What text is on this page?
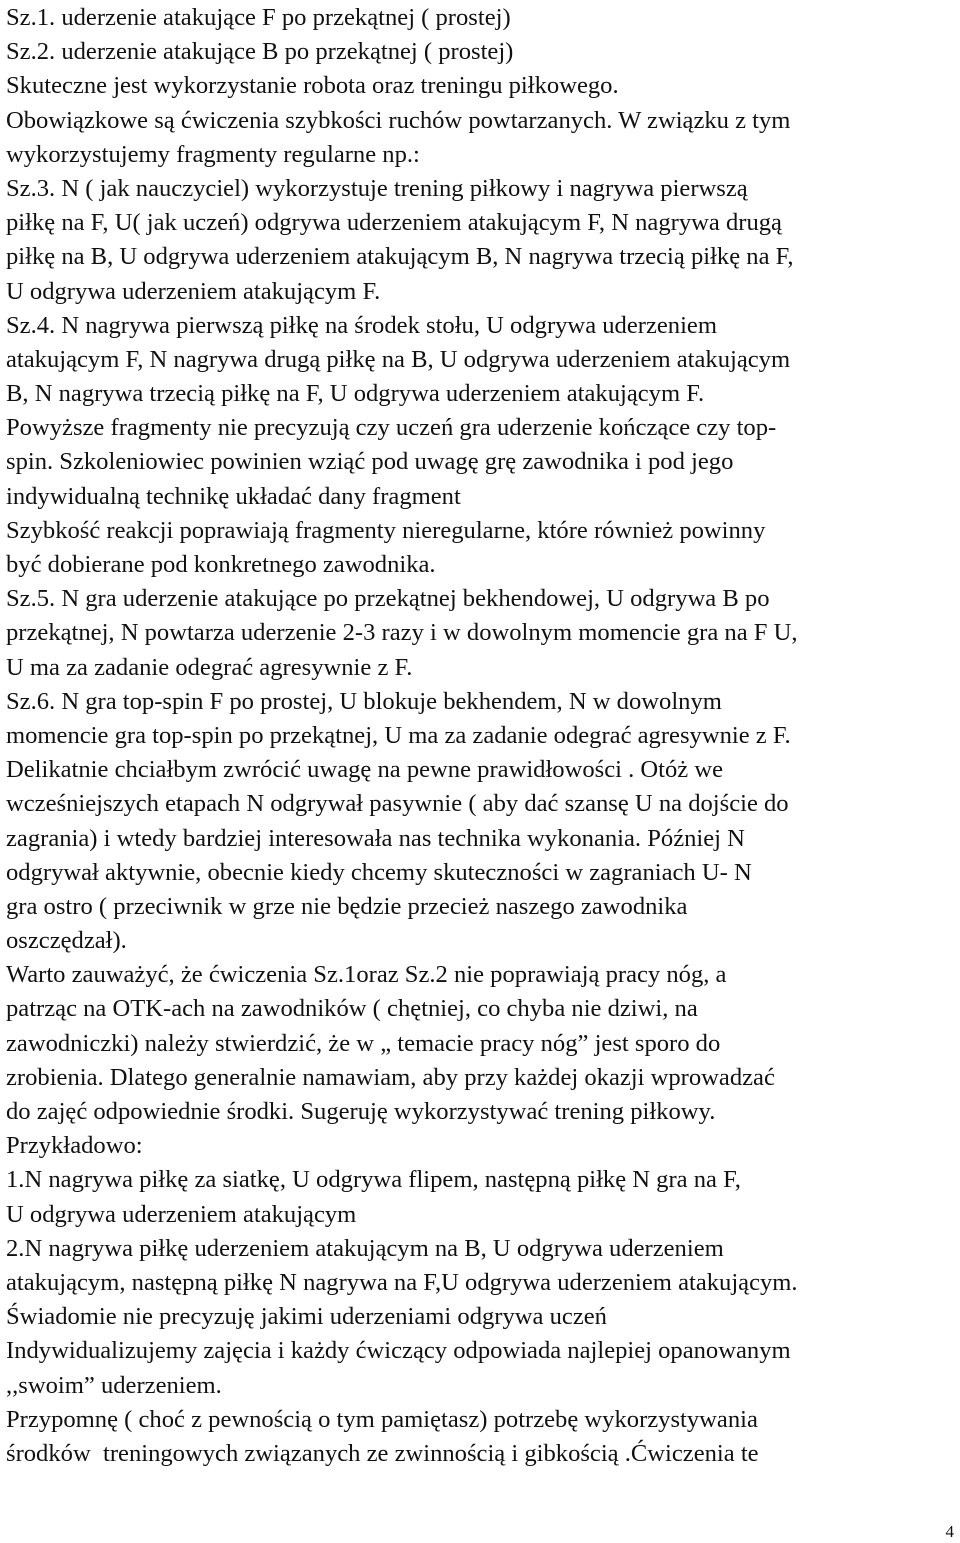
Sz.1. uderzenie atakujące F po przekątnej ( prostej)
Sz.2. uderzenie atakujące B po przekątnej ( prostej)
Skuteczne jest wykorzystanie robota oraz treningu piłkowego.
Obowiązkowe są ćwiczenia szybkości ruchów powtarzanych. W związku z tym
wykorzystujemy fragmenty regularne np.:
Sz.3. N ( jak nauczyciel) wykorzystuje trening piłkowy i nagrywa pierwszą
piłkę na F, U( jak uczeń) odgrywa uderzeniem atakującym F, N nagrywa drugą
piłkę na B, U odgrywa uderzeniem atakującym B, N nagrywa trzecią piłkę na F,
U odgrywa uderzeniem atakującym F.
Sz.4. N nagrywa pierwszą piłkę na środek stołu, U odgrywa uderzeniem
atakującym F, N nagrywa drugą piłkę na B, U odgrywa uderzeniem atakującym
B, N nagrywa trzecią piłkę na F, U odgrywa uderzeniem atakującym F.
Powyższe fragmenty nie precyzują czy uczeń gra uderzenie kończące czy top-
spin. Szkoleniowiec powinien wziąć pod uwagę grę zawodnika i pod jego
indywidualną technikę układać dany fragment
Szybkość reakcji poprawiają fragmenty nieregularne, które również powinny
być dobierane pod konkretnego zawodnika.
Sz.5. N gra uderzenie atakujące po przekątnej bekhendowej, U odgrywa B po
przekątnej, N powtarza uderzenie 2-3 razy i w dowolnym momencie gra na F U,
U ma za zadanie odegrać agresywnie z F.
Sz.6. N gra top-spin F po prostej, U blokuje bekhendem, N w dowolnym
momencie gra top-spin po przekątnej, U ma za zadanie odegrać agresywnie z F.
Delikatnie chciałbym zwrócić uwagę na pewne prawidłowości . Otóż we
wcześniejszych etapach N odgrywał pasywnie ( aby dać szansę U na dojście do
zagrania) i wtedy bardziej interesowała nas technika wykonania. Później N
odgrywał aktywnie, obecnie kiedy chcemy skuteczności w zagraniach U- N
gra ostro ( przeciwnik w grze nie będzie przecież naszego zawodnika
oszczędzał).
Warto zauważyć, że ćwiczenia Sz.1oraz Sz.2 nie poprawiają pracy nóg, a
patrząc na OTK-ach na zawodników ( chętniej, co chyba nie dziwi, na
zawodniczki) należy stwierdzić, że w „ temacie pracy nóg” jest sporo do
zrobienia. Dlatego generalnie namawiam, aby przy każdej okazji wprowadzać
do zajęć odpowiednie środki. Sugeruję wykorzystywać trening piłkowy.
Przykładowo:
1.N nagrywa piłkę za siatkę, U odgrywa flipem, następną piłkę N gra na F,
U odgrywa uderzeniem atakującym
2.N nagrywa piłkę uderzeniem atakującym na B, U odgrywa uderzeniem
atakującym, następną piłkę N nagrywa na F,U odgrywa uderzeniem atakującym.
Świadomie nie precyzuję jakimi uderzeniami odgrywa uczeń
Indywidualizujemy zajęcia i każdy ćwiczący odpowiada najlepiej opanowanym
,,swoim” uderzeniem.
Przypomnę ( choć z pewnością o tym pamiętasz) potrzebę wykorzystywania
środków  treningowych związanych ze zwinnością i gibkością .Ćwiczenia te
4
